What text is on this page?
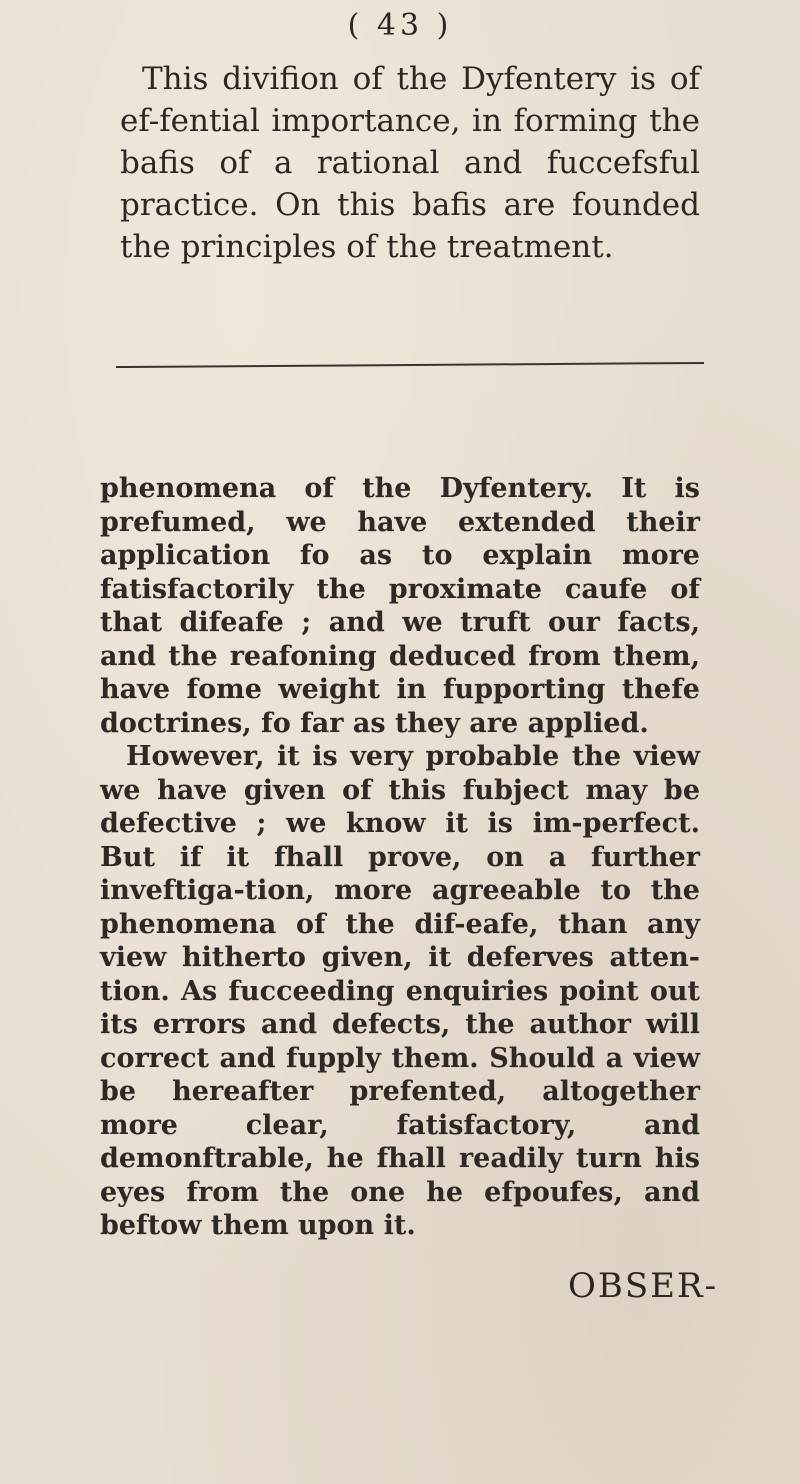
( 43 )
This divifion of the Dyfentery is of ef-fential importance, in forming the bafis of a rational and fuccefsful practice. On this bafis are founded the principles of the treatment.

phenomena of the Dyfentery. It is prefumed, we have extended their application fo as to explain more fatisfactorily the proximate caufe of that difeafe ; and we truft our facts, and the reafoning deduced from them, have fome weight in fupporting thefe doctrines, fo far as they are applied.

However, it is very probable the view we have given of this fubject may be defective ; we know it is im-perfect. But if it fhall prove, on a further inveftiga-tion, more agreeable to the phenomena of the dif-eafe, than any view hitherto given, it deferves atten-tion. As fucceeding enquiries point out its errors and defects, the author will correct and fupply them. Should a view be hereafter prefented, altogether more clear, fatisfactory, and demonftrable, he fhall readily turn his eyes from the one he efpoufes, and beftow them upon it.

OBSER-
